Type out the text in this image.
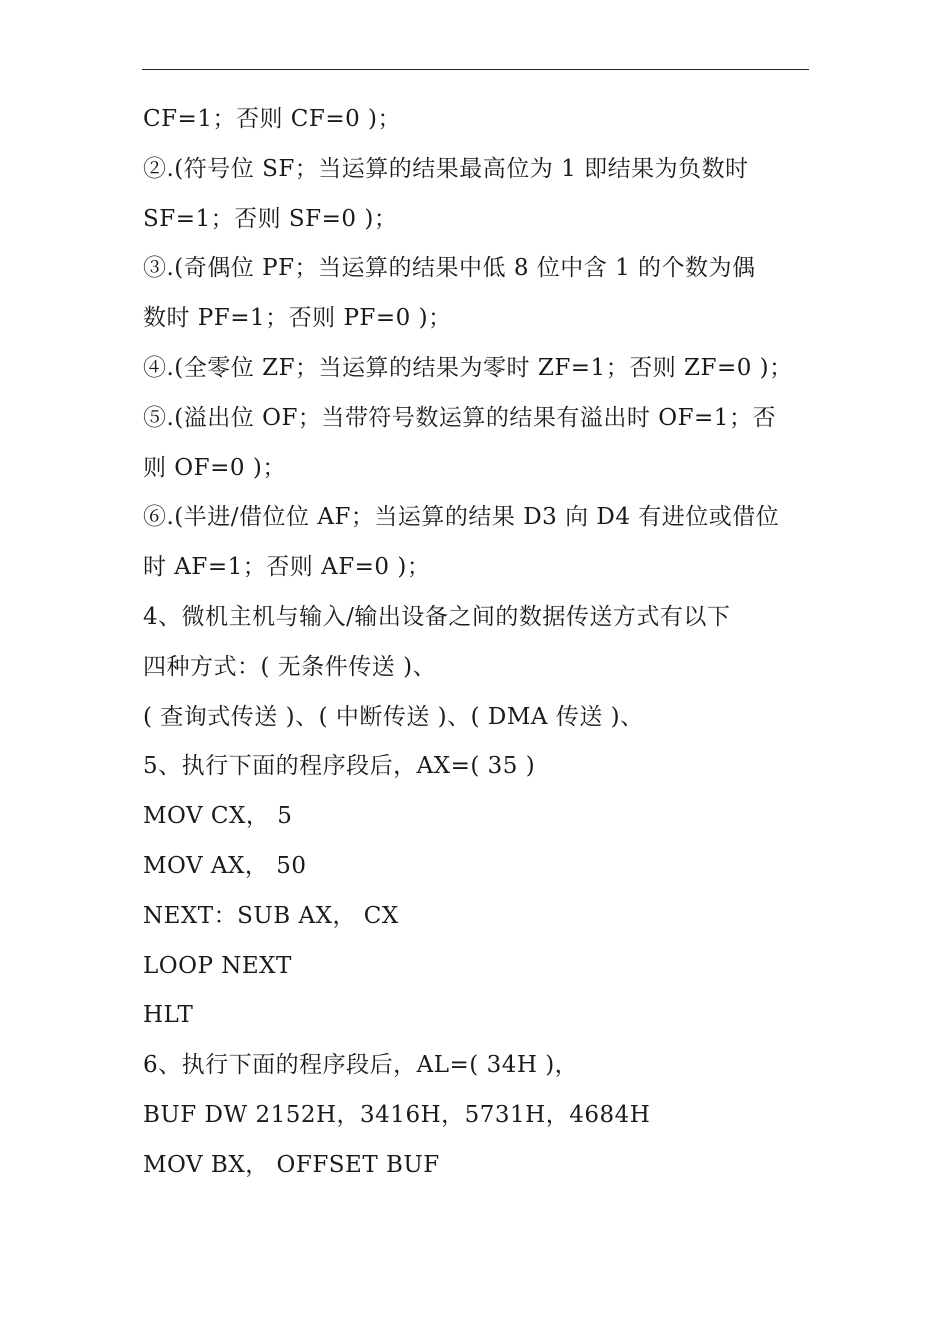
CF=1；否则 CF=0 )；
②.(符号位 SF；当运算的结果最高位为 1 即结果为负数时
SF=1；否则 SF=0 )；
③.(奇偶位 PF；当运算的结果中低 8 位中含 1 的个数为偶
数时 PF=1；否则 PF=0 )；
④.(全零位 ZF；当运算的结果为零时 ZF=1；否则 ZF=0 )；
⑤.(溢出位 OF；当带符号数运算的结果有溢出时 OF=1；否
则 OF=0 )；
⑥.(半进/借位位 AF；当运算的结果 D3 向 D4 有进位或借位
时 AF=1；否则 AF=0 )；
4、微机主机与输入/输出设备之间的数据传送方式有以下
四种方式：( 无条件传送 )、
( 查询式传送 )、( 中断传送 )、( DMA 传送 )、
5、执行下面的程序段后，AX=( 35 )
MOV CX， 5
MOV AX， 50
NEXT：SUB AX， CX
LOOP NEXT
HLT
6、执行下面的程序段后，AL=( 34H )，
BUF DW 2152H，3416H，5731H，4684H
MOV BX， OFFSET BUF
